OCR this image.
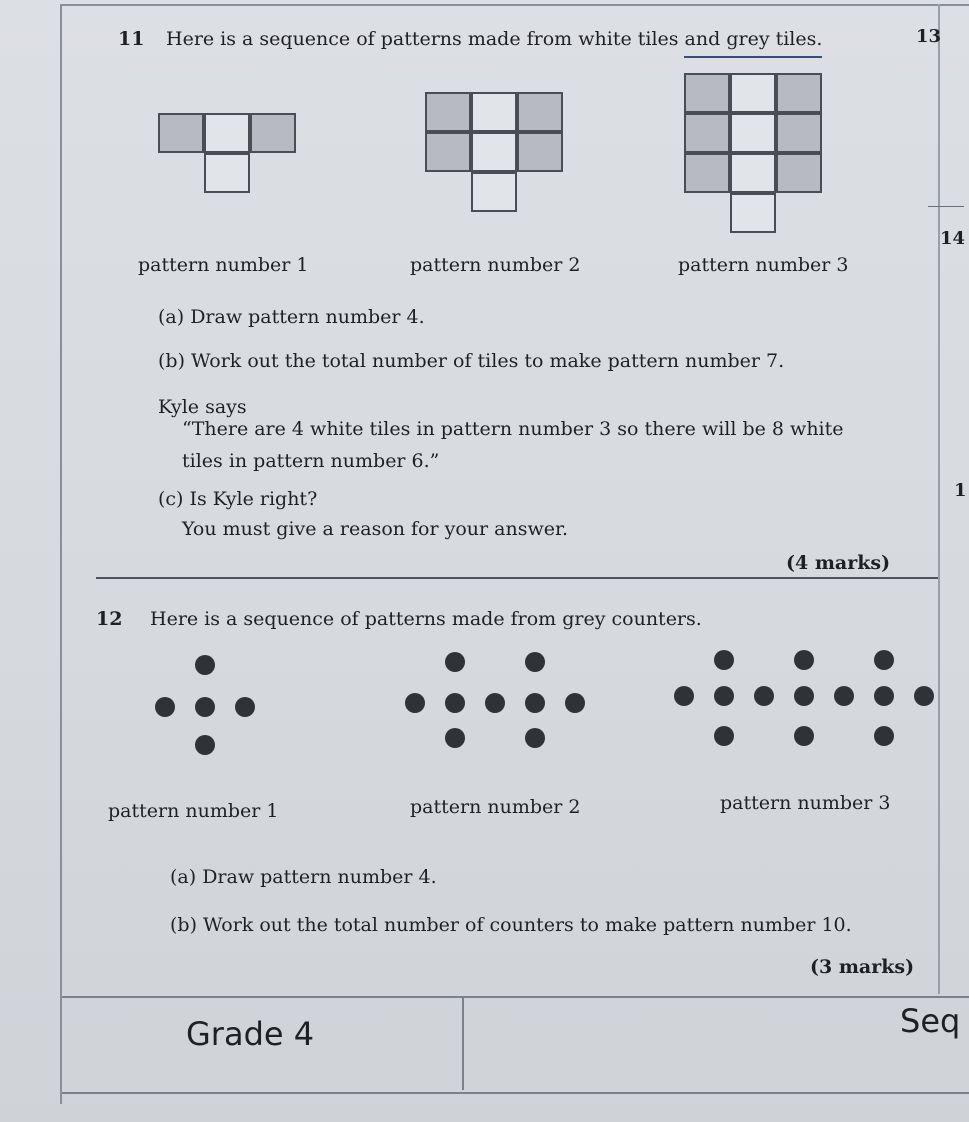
11 Here is a sequence of patterns made from white tiles and grey tiles.
pattern number 1	pattern number 2	pattern number 3
(a) Draw pattern number 4.
(b) Work out the total number of tiles to make pattern number 7.
Kyle says
“There are 4 white tiles in pattern number 3 so there will be 8 white
tiles in pattern number 6.”
(c) Is Kyle right?
You must give a reason for your answer.
(4 marks)
12 Here is a sequence of patterns made from grey counters.
pattern number 1	pattern number 2	pattern number 3
(a) Draw pattern number 4.
(b) Work out the total number of counters to make pattern number 10.
(3 marks)
13
14
1
Grade 4	Seq
